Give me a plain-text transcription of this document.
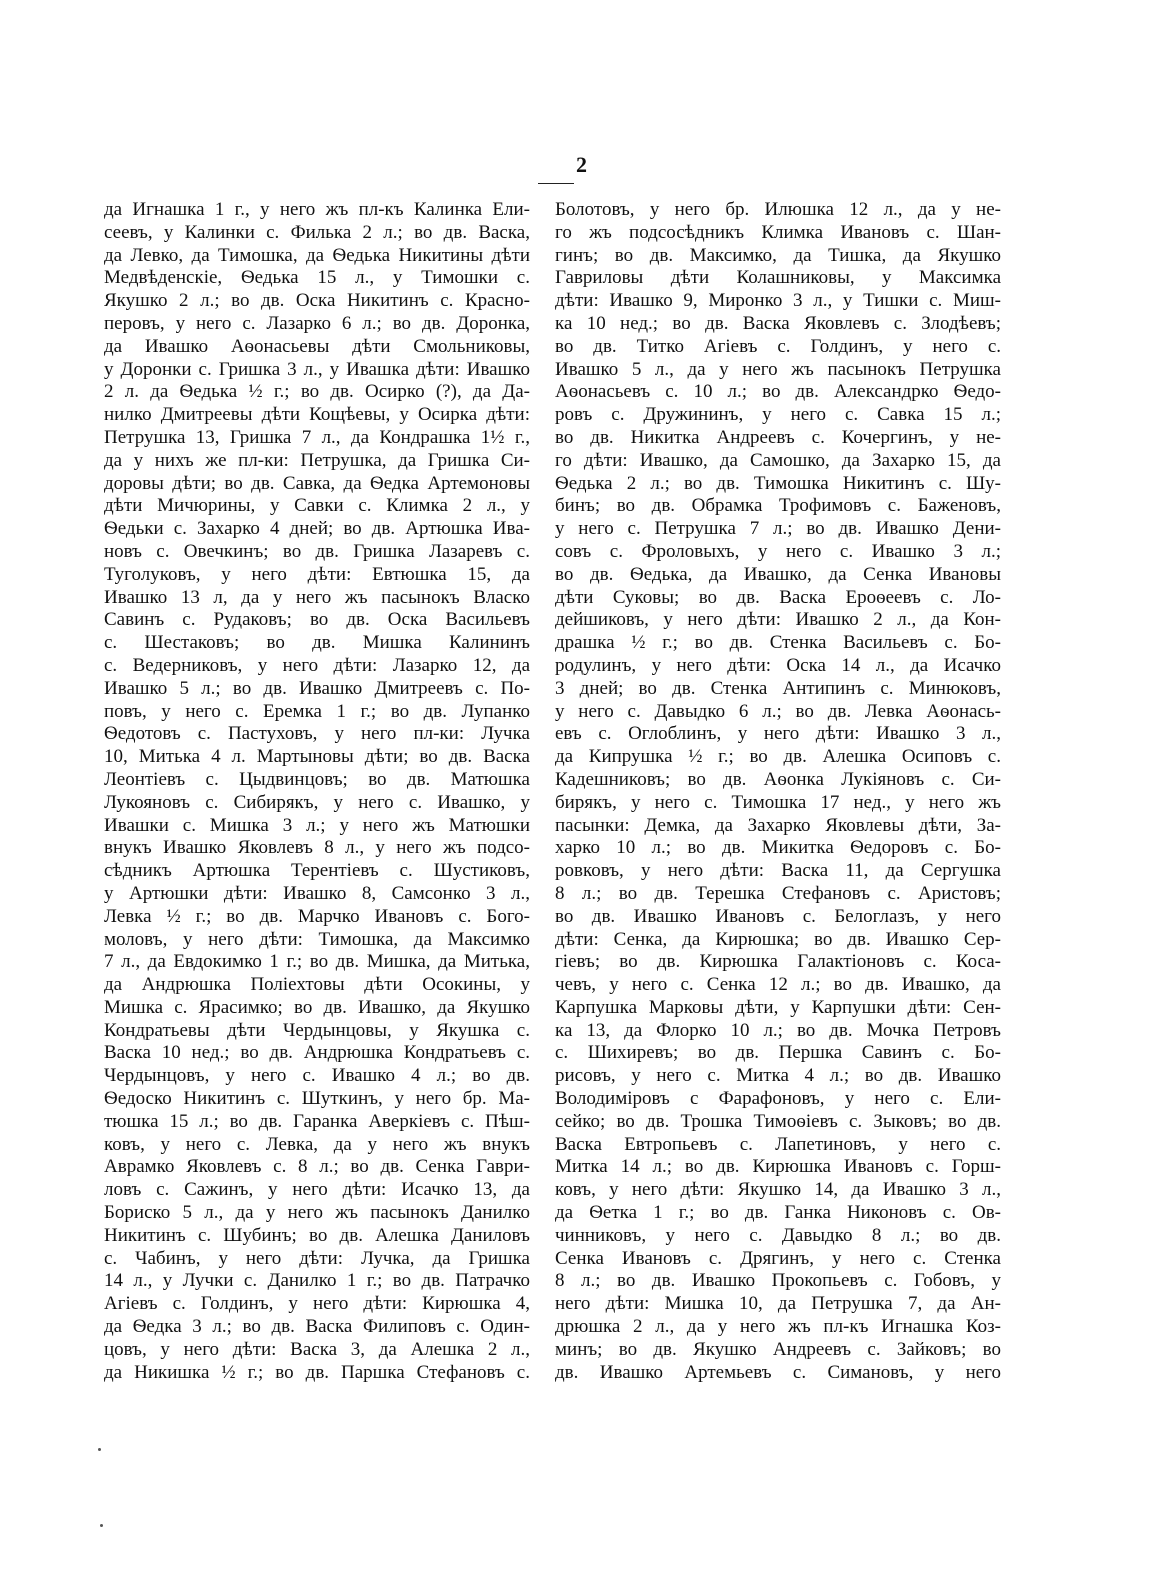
2
да Игнашка 1 г., у него жъ пл-къ Калинка Ели-
сеевъ, у Калинки с. Филька 2 л.; во дв. Васка,
да Левко, да Тимошка, да Ѳедька Никитины дѣти
Медвѣденскіе, Ѳедька 15 л., у Тимошки с.
Якушко 2 л.; во дв. Оска Никитинъ с. Красно-
перовъ, у него с. Лазарко 6 л.; во дв. Доронка,
да Ивашко Аѳонасьевы дѣти Смольниковы,
у Доронки с. Гришка 3 л., у Ивашка дѣти: Ивашко
2 л. да Ѳедька ½ г.; во дв. Осирко (?), да Да-
нилко Дмитреевы дѣти Кощѣевы, у Осирка дѣти:
Петрушка 13, Гришка 7 л., да Кондрашка 1½ г.,
да у нихъ же пл-ки: Петрушка, да Гришка Си-
доровы дѣти; во дв. Савка, да Ѳедка Артемоновы
дѣти Мичюрины, у Савки с. Климка 2 л., у
Ѳедьки с. Захарко 4 дней; во дв. Артюшка Ива-
новъ с. Овечкинъ; во дв. Гришка Лазаревъ с.
Туголуковъ, у него дѣти: Евтюшка 15, да
Ивашко 13 л, да у него жъ пасынокъ Власко
Савинъ с. Рудаковъ; во дв. Оска Васильевъ
с. Шестаковъ; во дв. Мишка Калининъ
с. Ведерниковъ, у него дѣти: Лазарко 12, да
Ивашко 5 л.; во дв. Ивашко Дмитреевъ с. По-
повъ, у него с. Еремка 1 г.; во дв. Лупанко
Ѳедотовъ с. Пастуховъ, у него пл-ки: Лучка
10, Митька 4 л. Мартыновы дѣти; во дв. Васка
Леонтіевъ с. Цыдвинцовъ; во дв. Матюшка
Лукояновъ с. Сибирякъ, у него с. Ивашко, у
Ивашки с. Мишка 3 л.; у него жъ Матюшки
внукъ Ивашко Яковлевъ 8 л., у него жъ подсо-
сѣдникъ Артюшка Терентіевъ с. Шустиковъ,
у Артюшки дѣти: Ивашко 8, Самсонко 3 л.,
Левка ½ г.; во дв. Марчко Ивановъ с. Бого-
моловъ, у него дѣти: Тимошка, да Максимко
7 л., да Евдокимко 1 г.; во дв. Мишка, да Митька,
да Андрюшка Поліехтовы дѣти Осокины, у
Мишка с. Ярасимко; во дв. Ивашко, да Якушко
Кондратьевы дѣти Чердынцовы, у Якушка с.
Васка 10 нед.; во дв. Андрюшка Кондратьевъ с.
Чердынцовъ, у него с. Ивашко 4 л.; во дв.
Ѳедоско Никитинъ с. Шуткинъ, у него бр. Ма-
тюшка 15 л.; во дв. Гаранка Аверкіевъ с. Пѣш-
ковъ, у него с. Левка, да у него жъ внукъ
Аврамко Яковлевъ с. 8 л.; во дв. Сенка Гаври-
ловъ с. Сажинъ, у него дѣти: Исачко 13, да
Бориско 5 л., да у него жъ пасынокъ Данилко
Никитинъ с. Шубинъ; во дв. Алешка Даниловъ
с. Чабинъ, у него дѣти: Лучка, да Гришка
14 л., у Лучки с. Данилко 1 г.; во дв. Патрачко
Агіевъ с. Голдинъ, у него дѣти: Кирюшка 4,
да Ѳедка 3 л.; во дв. Васка Филиповъ с. Один-
цовъ, у него дѣти: Васка 3, да Алешка 2 л.,
да Никишка ½ г.; во дв. Паршка Стефановъ с.
Болотовъ, у него бр. Илюшка 12 л., да у не-
го жъ подсосѣдникъ Климка Ивановъ с. Шан-
гинъ; во дв. Максимко, да Тишка, да Якушко
Гавриловы дѣти Колашниковы, у Максимка
дѣти: Ивашко 9, Миронко 3 л., у Тишки с. Миш-
ка 10 нед.; во дв. Васка Яковлевъ с. Злодѣевъ;
во дв. Титко Агіевъ с. Голдинъ, у него с.
Ивашко 5 л., да у него жъ пасынокъ Петрушка
Аѳонасьевъ с. 10 л.; во дв. Александрко Ѳедо-
ровъ с. Дружининъ, у него с. Савка 15 л.;
во дв. Никитка Андреевъ с. Кочергинъ, у не-
го дѣти: Ивашко, да Самошко, да Захарко 15, да
Ѳедька 2 л.; во дв. Тимошка Никитинъ с. Шу-
бинъ; во дв. Обрамка Трофимовъ с. Баженовъ,
у него с. Петрушка 7 л.; во дв. Ивашко Дени-
совъ с. Фроловыхъ, у него с. Ивашко 3 л.;
во дв. Ѳедька, да Ивашко, да Сенка Ивановы
дѣти Суковы; во дв. Васка Ероѳеевъ с. Ло-
дейшиковъ, у него дѣти: Ивашко 2 л., да Кон-
драшка ½ г.; во дв. Стенка Васильевъ с. Бо-
родулинъ, у него дѣти: Оска 14 л., да Исачко
3 дней; во дв. Стенка Антипинъ с. Минюковъ,
у него с. Давыдко 6 л.; во дв. Левка Аѳонась-
евъ с. Оглоблинъ, у него дѣти: Ивашко 3 л.,
да Кипрушка ½ г.; во дв. Алешка Осиповъ с.
Кадешниковъ; во дв. Аѳонка Лукіяновъ с. Си-
бирякъ, у него с. Тимошка 17 нед., у него жъ
пасынки: Демка, да Захарко Яковлевы дѣти, За-
харко 10 л.; во дв. Микитка Ѳедоровъ с. Бо-
ровковъ, у него дѣти: Васка 11, да Сергушка
8 л.; во дв. Терешка Стефановъ с. Аристовъ;
во дв. Ивашко Ивановъ с. Белоглазъ, у него
дѣти: Сенка, да Кирюшка; во дв. Ивашко Сер-
гіевъ; во дв. Кирюшка Галактіоновъ с. Коса-
чевъ, у него с. Сенка 12 л.; во дв. Ивашко, да
Карпушка Марковы дѣти, у Карпушки дѣти: Сен-
ка 13, да Флорко 10 л.; во дв. Мочка Петровъ
с. Шихиревъ; во дв. Першка Савинъ с. Бо-
рисовъ, у него с. Митка 4 л.; во дв. Ивашко
Володиміровъ с Фарафоновъ, у него с. Ели-
сейко; во дв. Трошка Тимоѳіевъ с. Зыковъ; во дв.
Васка Евтропьевъ с. Лапетиновъ, у него с.
Митка 14 л.; во дв. Кирюшка Ивановъ с. Горш-
ковъ, у него дѣти: Якушко 14, да Ивашко 3 л.,
да Ѳетка 1 г.; во дв. Ганка Никоновъ с. Ов-
чинниковъ, у него с. Давыдко 8 л.; во дв.
Сенка Ивановъ с. Дрягинъ, у него с. Стенка
8 л.; во дв. Ивашко Прокопьевъ с. Гобовъ, у
него дѣти: Мишка 10, да Петрушка 7, да Ан-
дрюшка 2 л., да у него жъ пл-къ Игнашка Коз-
минъ; во дв. Якушко Андреевъ с. Зайковъ; во
дв. Ивашко Артемьевъ с. Симановъ, у него
